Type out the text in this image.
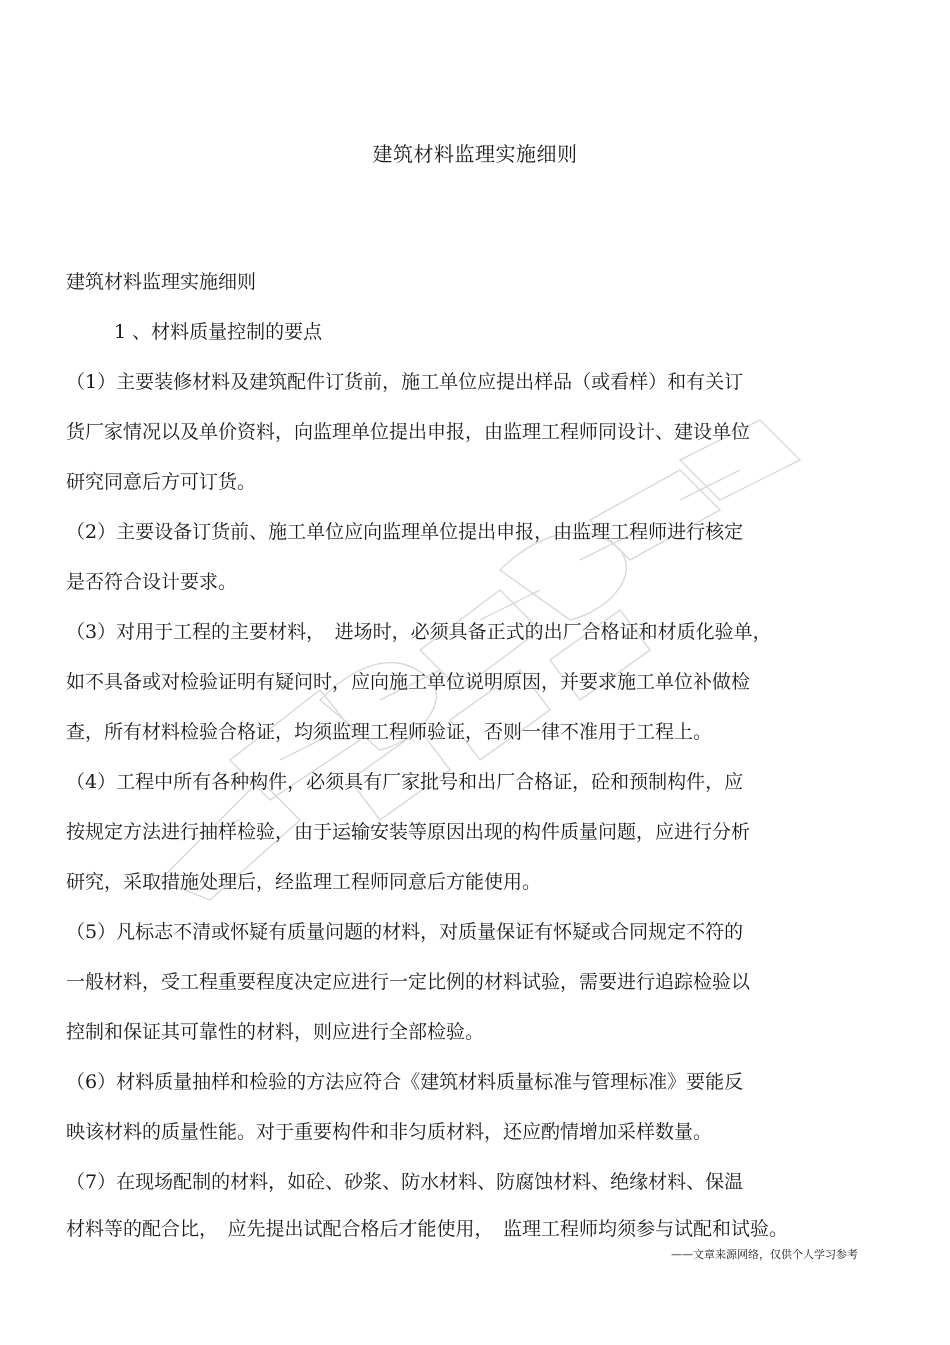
建筑材料监理实施细则
建筑材料监理实施细则
1 、材料质量控制的要点
（1）主要装修材料及建筑配件订货前，施工单位应提出样品（或看样）和有关订
货厂家情况以及单价资料，向监理单位提出申报，由监理工程师同设计、建设单位
研究同意后方可订货。
（2）主要设备订货前、施工单位应向监理单位提出申报，由监理工程师进行核定
是否符合设计要求。
（3）对用于工程的主要材料，　进场时，必须具备正式的出厂合格证和材质化验单，
如不具备或对检验证明有疑问时，应向施工单位说明原因，并要求施工单位补做检
查，所有材料检验合格证，均须监理工程师验证，否则一律不准用于工程上。
（4）工程中所有各种构件，必须具有厂家批号和出厂合格证，砼和预制构件，应
按规定方法进行抽样检验，由于运输安装等原因出现的构件质量问题，应进行分析
研究，采取措施处理后，经监理工程师同意后方能使用。
（5）凡标志不清或怀疑有质量问题的材料，对质量保证有怀疑或合同规定不符的
一般材料，受工程重要程度决定应进行一定比例的材料试验，需要进行追踪检验以
控制和保证其可靠性的材料，则应进行全部检验。
（6）材料质量抽样和检验的方法应符合《建筑材料质量标准与管理标准》要能反
映该材料的质量性能。对于重要构件和非匀质材料，还应酌情增加采样数量。
（7）在现场配制的材料，如砼、砂浆、防水材料、防腐蚀材料、绝缘材料、保温
材料等的配合比，　应先提出试配合格后才能使用，　监理工程师均须参与试配和试验。
——文章来源网络，仅供个人学习参考
